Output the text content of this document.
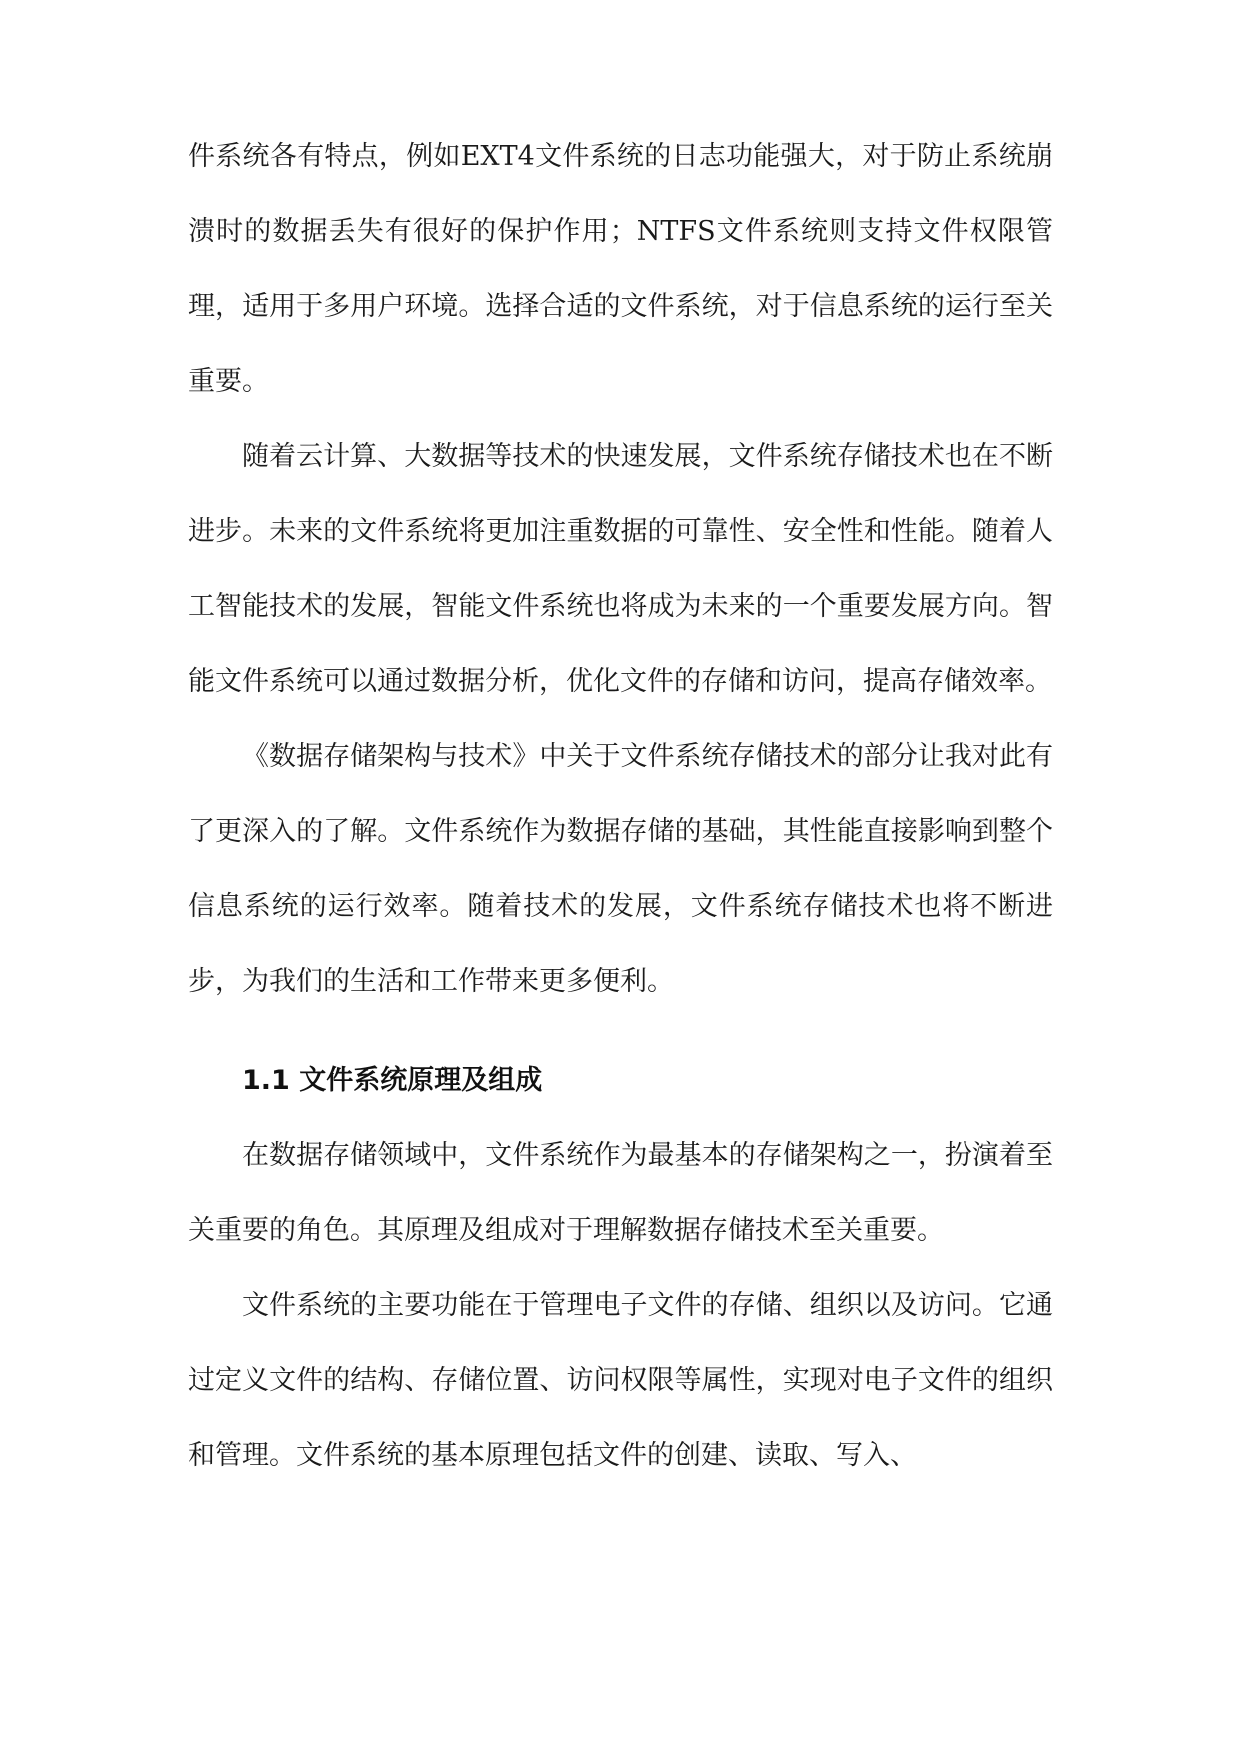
件系统各有特点，例如EXT4文件系统的日志功能强大，对于防止系统崩溃时的数据丢失有很好的保护作用；NTFS文件系统则支持文件权限管理，适用于多用户环境。选择合适的文件系统，对于信息系统的运行至关重要。

随着云计算、大数据等技术的快速发展，文件系统存储技术也在不断进步。未来的文件系统将更加注重数据的可靠性、安全性和性能。随着人工智能技术的发展，智能文件系统也将成为未来的一个重要发展方向。智能文件系统可以通过数据分析，优化文件的存储和访问，提高存储效率。

《数据存储架构与技术》中关于文件系统存储技术的部分让我对此有了更深入的了解。文件系统作为数据存储的基础，其性能直接影响到整个信息系统的运行效率。随着技术的发展，文件系统存储技术也将不断进步，为我们的生活和工作带来更多便利。

1.1 文件系统原理及组成

在数据存储领域中，文件系统作为最基本的存储架构之一，扮演着至关重要的角色。其原理及组成对于理解数据存储技术至关重要。

文件系统的主要功能在于管理电子文件的存储、组织以及访问。它通过定义文件的结构、存储位置、访问权限等属性，实现对电子文件的组织和管理。文件系统的基本原理包括文件的创建、读取、写入、
